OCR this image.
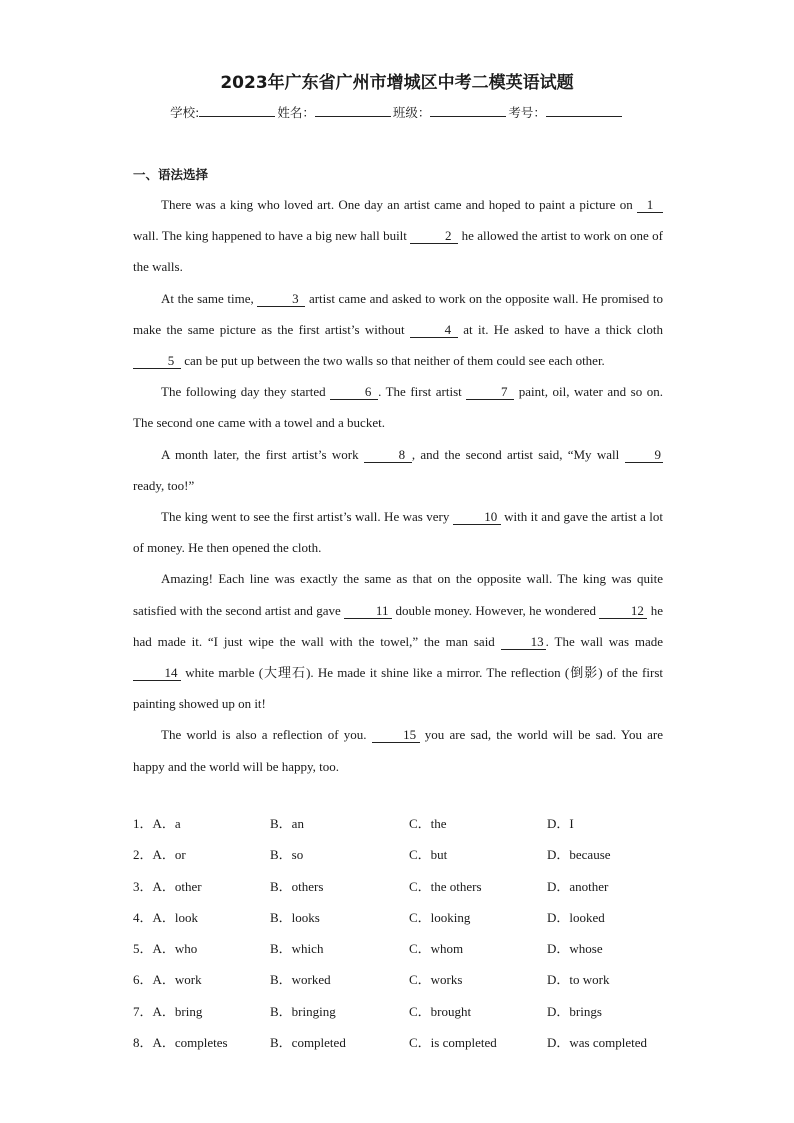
2023年广东省广州市增城区中考二模英语试题
学校:	姓名：	班级：	考号：
一、语法选择

There was a king who loved art. One day an artist came and hoped to paint a picture on 1 wall. The king happened to have a big new hall built	2 he allowed the artist to work on one of the walls.

At the same time,	3 artist came and asked to work on the opposite wall. He promised to make the same picture as the first artist’s without	4 at it. He asked to have a thick cloth 5 can be put up between the two walls so that neither of them could see each other.

The following day they started	6 . The first artist	7 paint, oil, water and so on. The second one came with a towel and a bucket.

A month later, the first artist’s work	8 , and the second artist said, “My wall 9 ready, too!”

The king went to see the first artist’s wall. He was very 10 with it and gave the artist a lot of money. He then opened the cloth.

Amazing! Each line was exactly the same as that on the opposite wall. The king was quite satisfied with the second artist and gave 11 double money. However, he wondered 12 he had made it. “I just wipe the wall with the towel,” the man said 13 . The wall was made 14 white marble (大理石). He made it shine like a mirror. The reflection (倒影) of the first painting showed up on it!

The world is also a reflection of you. 15 you are sad, the world will be sad. You are happy and the world will be happy, too.

1．A．a	B．an	C．the	D．I
2．A．or	B．so	C．but	D．because
3．A．other	B．others	C．the others	D．another
4．A．look	B．looks	C．looking	D．looked
5．A．who	B．which	C．whom	D．whose
6．A．work	B．worked	C．works	D．to work
7．A．bring	B．bringing	C．brought	D．brings
8．A．completes	B．completed	C．is completed	D．was completed
